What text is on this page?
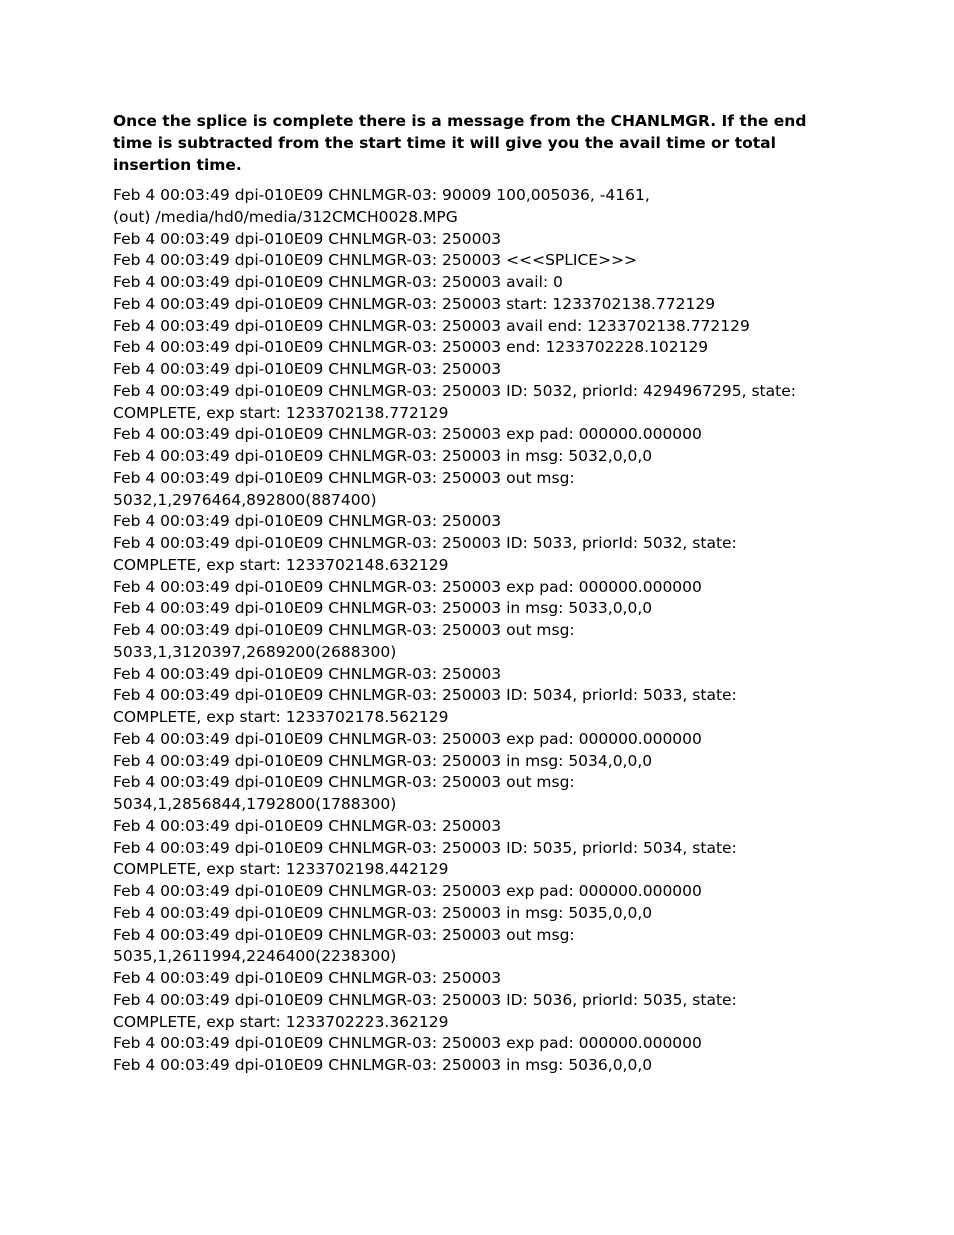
Once the splice is complete there is a message from the CHANLMGR. If the end
time is subtracted from the start time it will give you the avail time or total
insertion time.

Feb 4 00:03:49 dpi-010E09 CHNLMGR-03: 90009 100,005036, -4161,
(out) /media/hd0/media/312CMCH0028.MPG
Feb 4 00:03:49 dpi-010E09 CHNLMGR-03: 250003
Feb 4 00:03:49 dpi-010E09 CHNLMGR-03: 250003 <<<SPLICE>>>
Feb 4 00:03:49 dpi-010E09 CHNLMGR-03: 250003 avail: 0
Feb 4 00:03:49 dpi-010E09 CHNLMGR-03: 250003 start: 1233702138.772129
Feb 4 00:03:49 dpi-010E09 CHNLMGR-03: 250003 avail end: 1233702138.772129
Feb 4 00:03:49 dpi-010E09 CHNLMGR-03: 250003 end: 1233702228.102129
Feb 4 00:03:49 dpi-010E09 CHNLMGR-03: 250003
Feb 4 00:03:49 dpi-010E09 CHNLMGR-03: 250003 ID: 5032, priorId: 4294967295, state:
COMPLETE, exp start: 1233702138.772129
Feb 4 00:03:49 dpi-010E09 CHNLMGR-03: 250003 exp pad: 000000.000000
Feb 4 00:03:49 dpi-010E09 CHNLMGR-03: 250003 in msg: 5032,0,0,0
Feb 4 00:03:49 dpi-010E09 CHNLMGR-03: 250003 out msg:
5032,1,2976464,892800(887400)
Feb 4 00:03:49 dpi-010E09 CHNLMGR-03: 250003
Feb 4 00:03:49 dpi-010E09 CHNLMGR-03: 250003 ID: 5033, priorId: 5032, state:
COMPLETE, exp start: 1233702148.632129
Feb 4 00:03:49 dpi-010E09 CHNLMGR-03: 250003 exp pad: 000000.000000
Feb 4 00:03:49 dpi-010E09 CHNLMGR-03: 250003 in msg: 5033,0,0,0
Feb 4 00:03:49 dpi-010E09 CHNLMGR-03: 250003 out msg:
5033,1,3120397,2689200(2688300)
Feb 4 00:03:49 dpi-010E09 CHNLMGR-03: 250003
Feb 4 00:03:49 dpi-010E09 CHNLMGR-03: 250003 ID: 5034, priorId: 5033, state:
COMPLETE, exp start: 1233702178.562129
Feb 4 00:03:49 dpi-010E09 CHNLMGR-03: 250003 exp pad: 000000.000000
Feb 4 00:03:49 dpi-010E09 CHNLMGR-03: 250003 in msg: 5034,0,0,0
Feb 4 00:03:49 dpi-010E09 CHNLMGR-03: 250003 out msg:
5034,1,2856844,1792800(1788300)
Feb 4 00:03:49 dpi-010E09 CHNLMGR-03: 250003
Feb 4 00:03:49 dpi-010E09 CHNLMGR-03: 250003 ID: 5035, priorId: 5034, state:
COMPLETE, exp start: 1233702198.442129
Feb 4 00:03:49 dpi-010E09 CHNLMGR-03: 250003 exp pad: 000000.000000
Feb 4 00:03:49 dpi-010E09 CHNLMGR-03: 250003 in msg: 5035,0,0,0
Feb 4 00:03:49 dpi-010E09 CHNLMGR-03: 250003 out msg:
5035,1,2611994,2246400(2238300)
Feb 4 00:03:49 dpi-010E09 CHNLMGR-03: 250003
Feb 4 00:03:49 dpi-010E09 CHNLMGR-03: 250003 ID: 5036, priorId: 5035, state:
COMPLETE, exp start: 1233702223.362129
Feb 4 00:03:49 dpi-010E09 CHNLMGR-03: 250003 exp pad: 000000.000000
Feb 4 00:03:49 dpi-010E09 CHNLMGR-03: 250003 in msg: 5036,0,0,0
